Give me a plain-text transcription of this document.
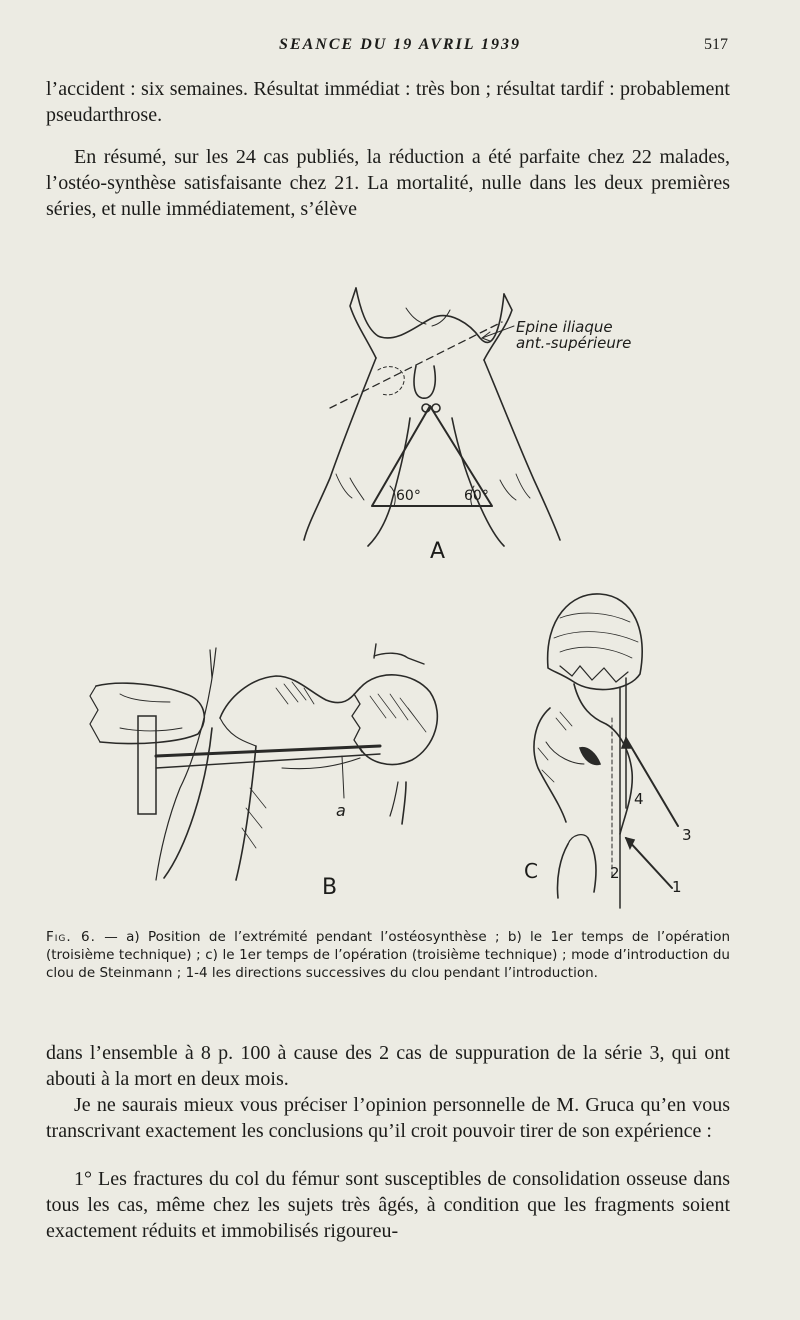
SEANCE DU 19 AVRIL 1939	517

l’accident : six semaines. Résultat immédiat : très bon ; résultat tardif : probablement pseudarthrose.

En résumé, sur les 24 cas publiés, la réduction a été parfaite chez 22 malades, l’ostéo-synthèse satisfaisante chez 21. La mortalité, nulle dans les deux premières séries, et nulle immédiatement, s’élève

Epine iliaque
ant.-supérieure
60°	60°
A
B
a
C
1
2
3
4

Fig. 6. — a) Position de l’extrémité pendant l’ostéosynthèse ; b) le 1er temps de l’opération (troisième technique) ; c) le 1er temps de l’opération (troisième technique) ; mode d’introduction du clou de Steinmann ; 1-4 les directions successives du clou pendant l’introduction.

dans l’ensemble à 8 p. 100 à cause des 2 cas de suppuration de la série 3, qui ont abouti à la mort en deux mois.

Je ne saurais mieux vous préciser l’opinion personnelle de M. Gruca qu’en vous transcrivant exactement les conclusions qu’il croit pouvoir tirer de son expérience :

1° Les fractures du col du fémur sont susceptibles de consolidation osseuse dans tous les cas, même chez les sujets très âgés, à condition que les fragments soient exactement réduits et immobilisés rigoureu-
